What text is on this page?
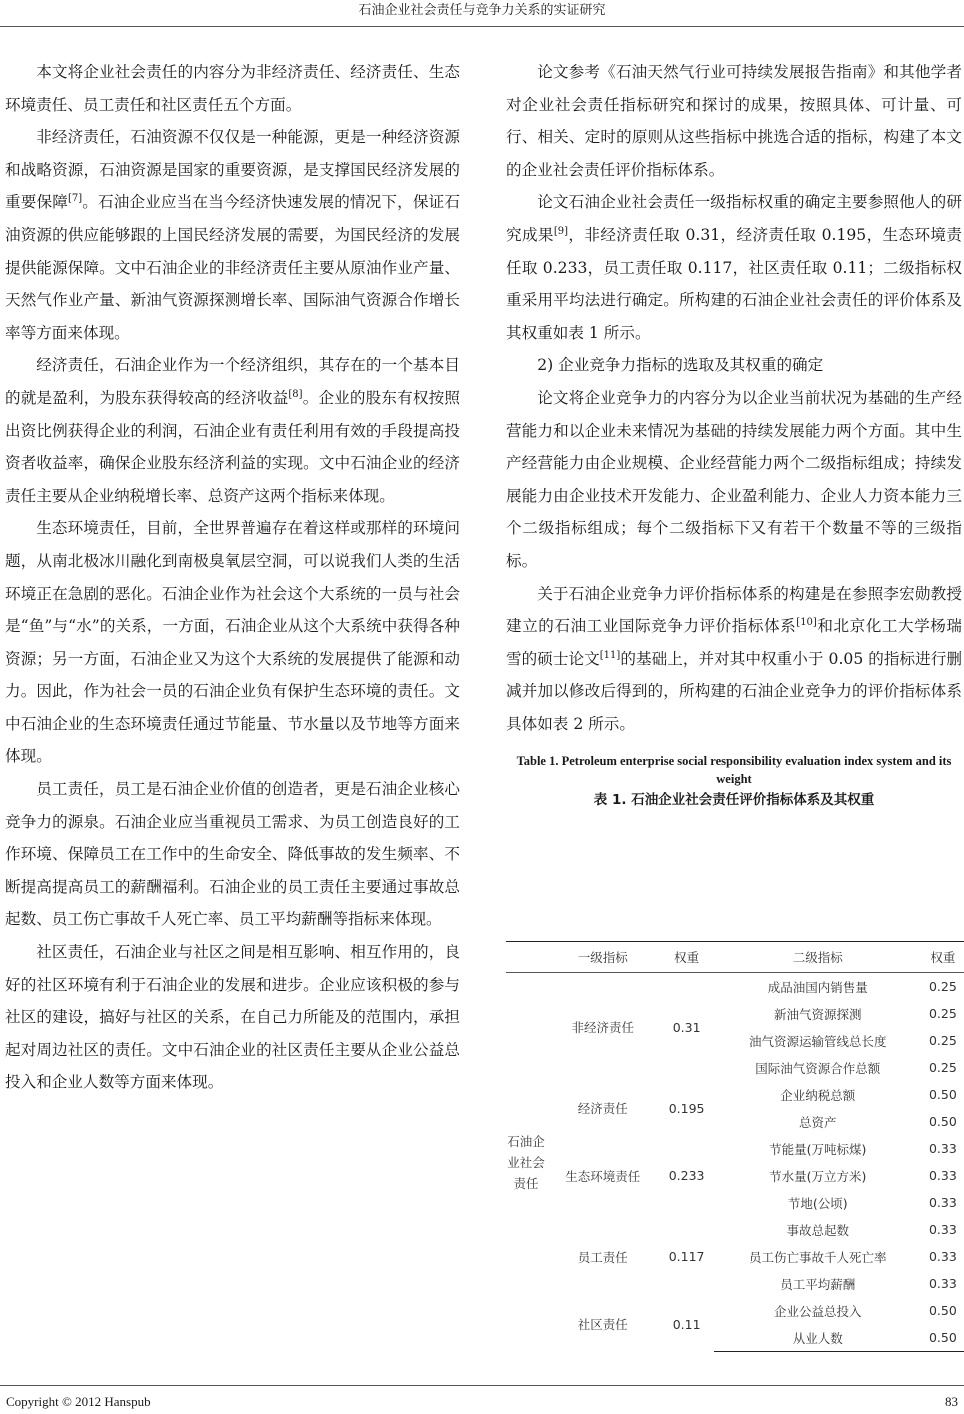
石油企业社会责任与竞争力关系的实证研究

本文将企业社会责任的内容分为非经济责任、经济责任、生态环境责任、员工责任和社区责任五个方面。

非经济责任，石油资源不仅仅是一种能源，更是一种经济资源和战略资源，石油资源是国家的重要资源，是支撑国民经济发展的重要保障[7]。石油企业应当在当今经济快速发展的情况下，保证石油资源的供应能够跟的上国民经济发展的需要，为国民经济的发展提供能源保障。文中石油企业的非经济责任主要从原油作业产量、天然气作业产量、新油气资源探测增长率、国际油气资源合作增长率等方面来体现。

经济责任，石油企业作为一个经济组织，其存在的一个基本目的就是盈利，为股东获得较高的经济收益[8]。企业的股东有权按照出资比例获得企业的利润，石油企业有责任利用有效的手段提高投资者收益率，确保企业股东经济利益的实现。文中石油企业的经济责任主要从企业纳税增长率、总资产这两个指标来体现。

生态环境责任，目前，全世界普遍存在着这样或那样的环境问题，从南北极冰川融化到南极臭氧层空洞，可以说我们人类的生活环境正在急剧的恶化。石油企业作为社会这个大系统的一员与社会是“鱼”与“水”的关系，一方面，石油企业从这个大系统中获得各种资源；另一方面，石油企业又为这个大系统的发展提供了能源和动力。因此，作为社会一员的石油企业负有保护生态环境的责任。文中石油企业的生态环境责任通过节能量、节水量以及节地等方面来体现。

员工责任，员工是石油企业价值的创造者，更是石油企业核心竞争力的源泉。石油企业应当重视员工需求、为员工创造良好的工作环境、保障员工在工作中的生命安全、降低事故的发生频率、不断提高提高员工的薪酬福利。石油企业的员工责任主要通过事故总起数、员工伤亡事故千人死亡率、员工平均薪酬等指标来体现。

社区责任，石油企业与社区之间是相互影响、相互作用的，良好的社区环境有利于石油企业的发展和进步。企业应该积极的参与社区的建设，搞好与社区的关系，在自己力所能及的范围内，承担起对周边社区的责任。文中石油企业的社区责任主要从企业公益总投入和企业人数等方面来体现。

论文参考《石油天然气行业可持续发展报告指南》和其他学者对企业社会责任指标研究和探讨的成果，按照具体、可计量、可行、相关、定时的原则从这些指标中挑选合适的指标，构建了本文的企业社会责任评价指标体系。

论文石油企业社会责任一级指标权重的确定主要参照他人的研究成果[9]，非经济责任取 0.31，经济责任取 0.195，生态环境责任取 0.233，员工责任取 0.117，社区责任取 0.11；二级指标权重采用平均法进行确定。所构建的石油企业社会责任的评价体系及其权重如表 1 所示。

2) 企业竞争力指标的选取及其权重的确定

论文将企业竞争力的内容分为以企业当前状况为基础的生产经营能力和以企业未来情况为基础的持续发展能力两个方面。其中生产经营能力由企业规模、企业经营能力两个二级指标组成；持续发展能力由企业技术开发能力、企业盈利能力、企业人力资本能力三个二级指标组成；每个二级指标下又有若干个数量不等的三级指标。

关于石油企业竞争力评价指标体系的构建是在参照李宏勋教授建立的石油工业国际竞争力评价指标体系[10]和北京化工大学杨瑞雪的硕士论文[11]的基础上，并对其中权重小于 0.05 的指标进行删减并加以修改后得到的，所构建的石油企业竞争力的评价指标体系具体如表 2 所示。

Table 1. Petroleum enterprise social responsibility evaluation index system and its weight
表 1. 石油企业社会责任评价指标体系及其权重
	一级指标	权重	二级指标	权重
石油企业社会责任	非经济责任	0.31	成品油国内销售量	0.25
			新油气资源探测	0.25
			油气资源运输管线总长度	0.25
			国际油气资源合作总额	0.25
	经济责任	0.195	企业纳税总额	0.50
			总资产	0.50
	生态环境责任	0.233	节能量(万吨标煤)	0.33
			节水量(万立方米)	0.33
			节地(公顷)	0.33
	员工责任	0.117	事故总起数	0.33
			员工伤亡事故千人死亡率	0.33
			员工平均薪酬	0.33
	社区责任	0.11	企业公益总投入	0.50
			从业人数	0.50
Copyright © 2012 Hanspub	83
